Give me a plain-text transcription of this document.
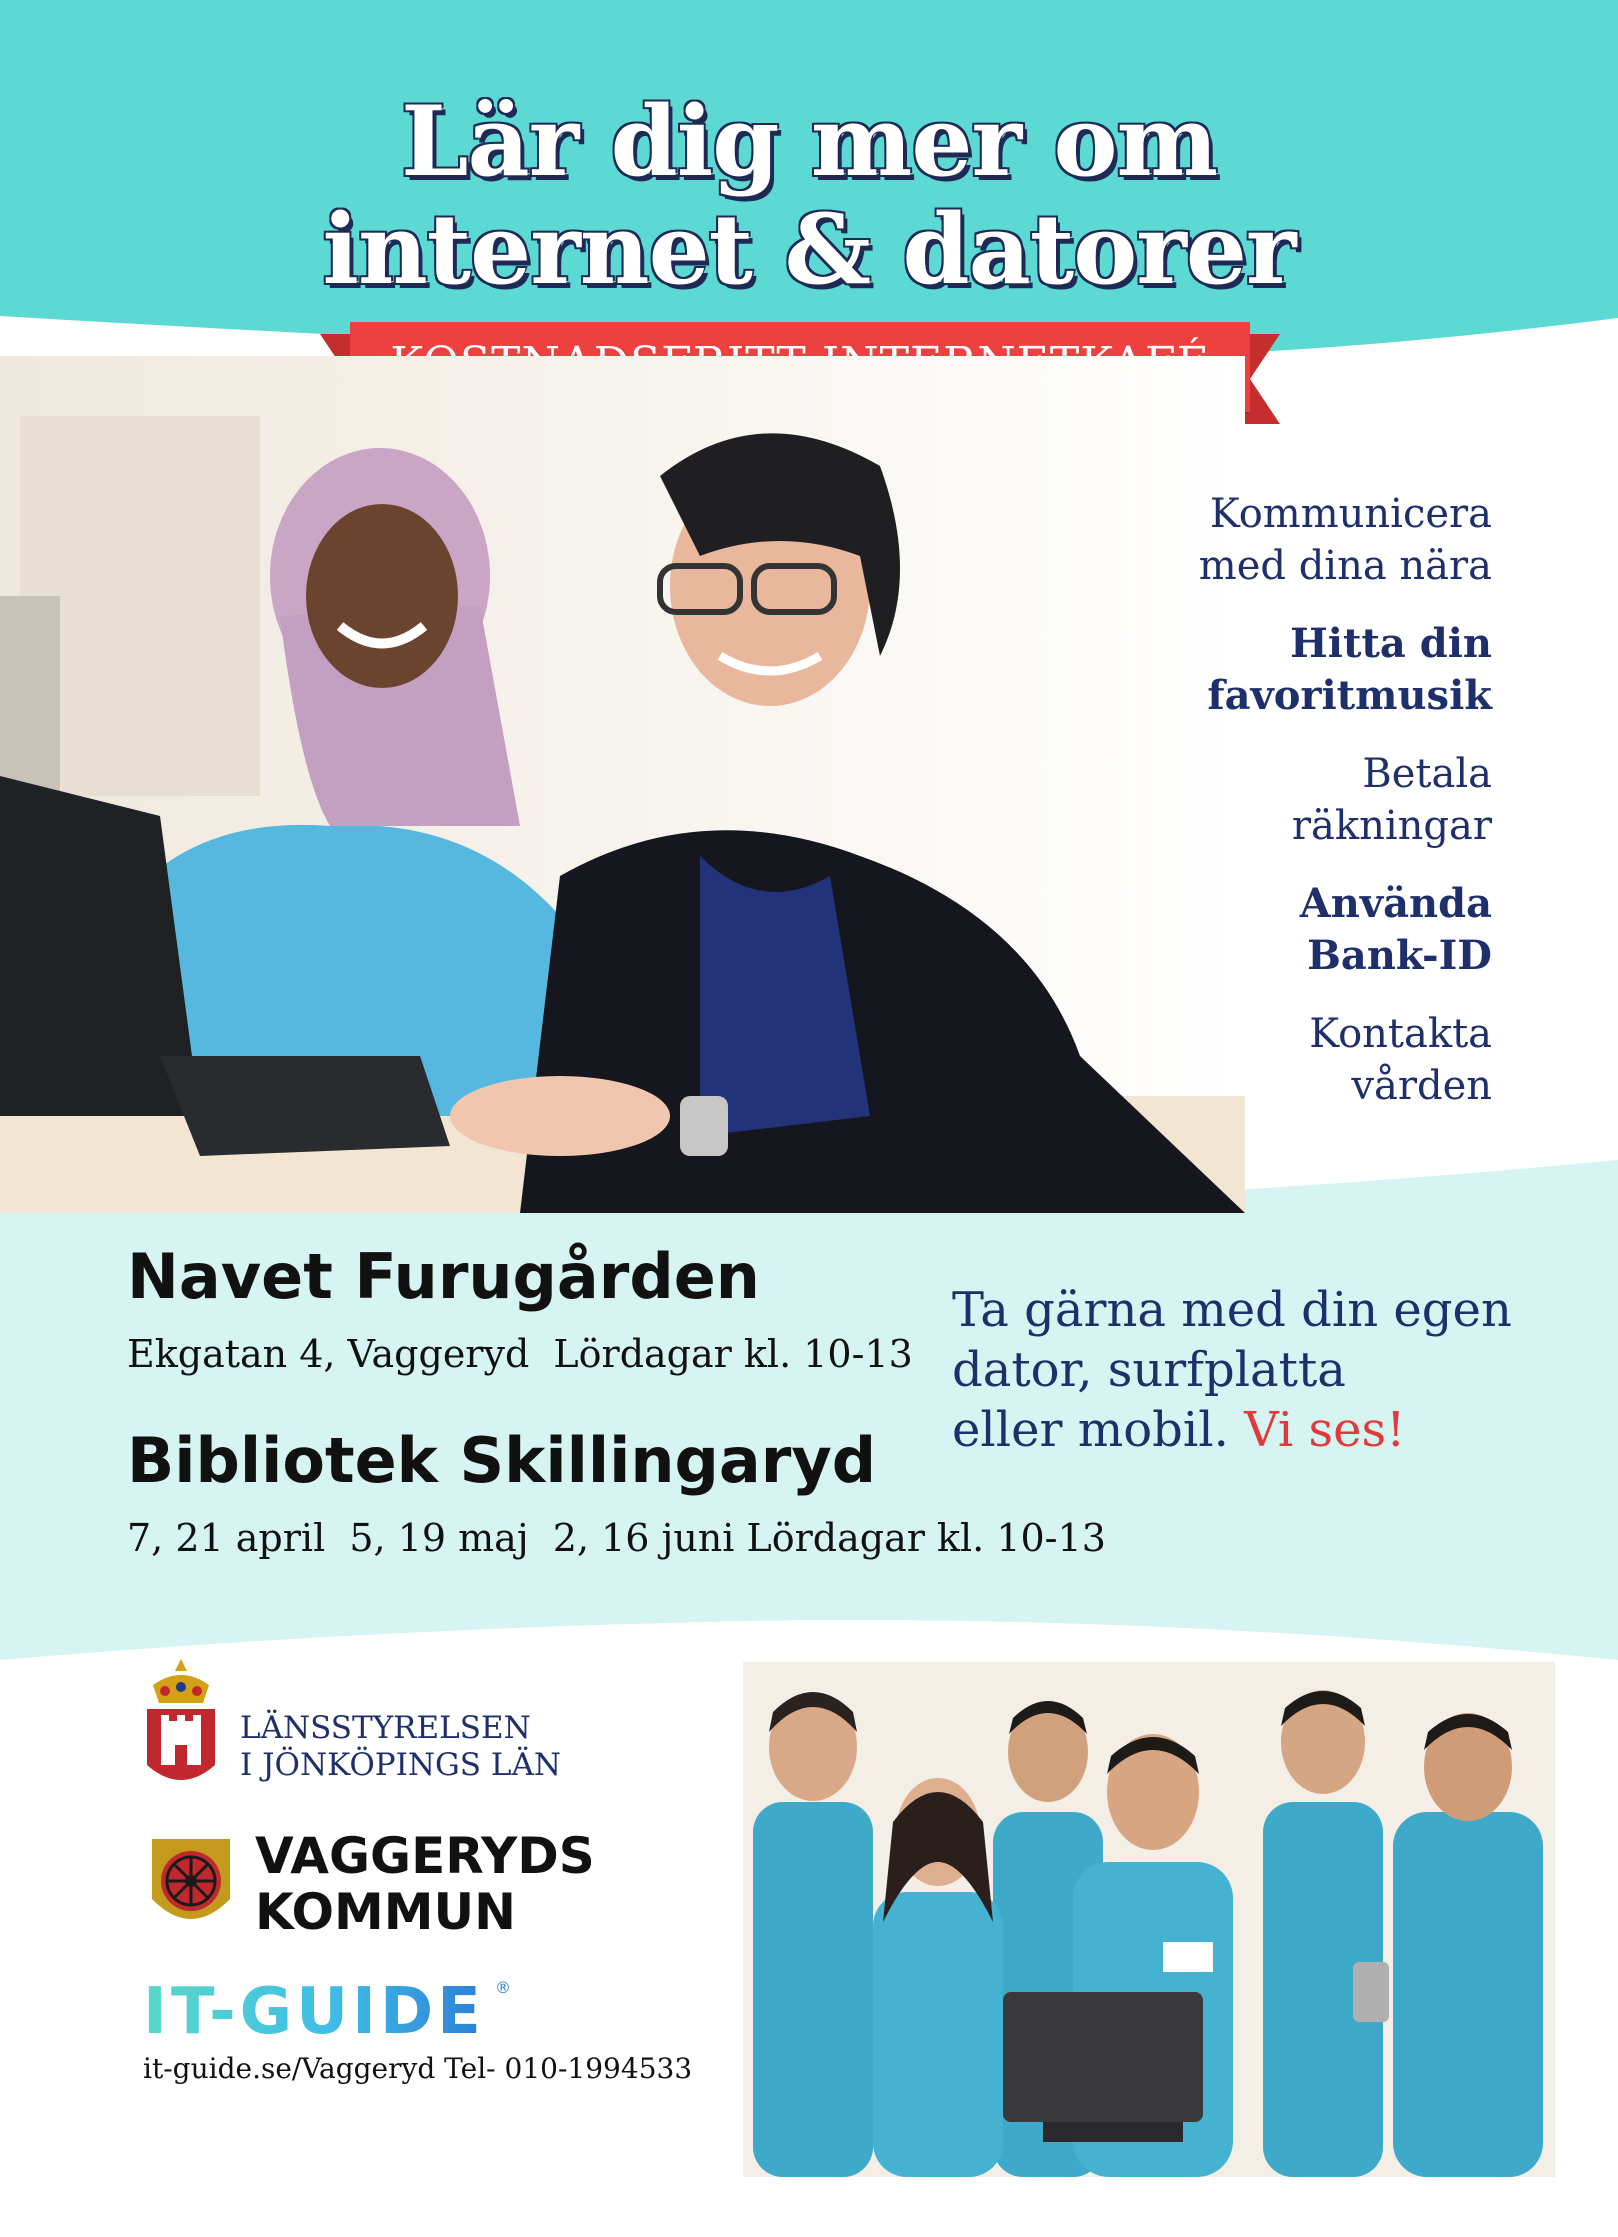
Lär dig mer om
internet & datorer
Kommunicera
med dina nära
Hitta din
favoritmusik
Betala
räkningar
Använda
Bank-ID
Kontakta
vården
Navet Furugården
Ekgatan 4, Vaggeryd  Lördagar kl. 10-13
Bibliotek Skillingaryd
7, 21 april  5, 19 maj  2, 16 juni Lördagar kl. 10-13
Ta gärna med din egen
dator, surfplatta
eller mobil. Vi ses!
LÄNSSTYRELSEN
I JÖNKÖPINGS LÄN
VAGGERYDS
KOMMUN
IT-GUIDE ®
it-guide.se/Vaggeryd Tel- 010-1994533
